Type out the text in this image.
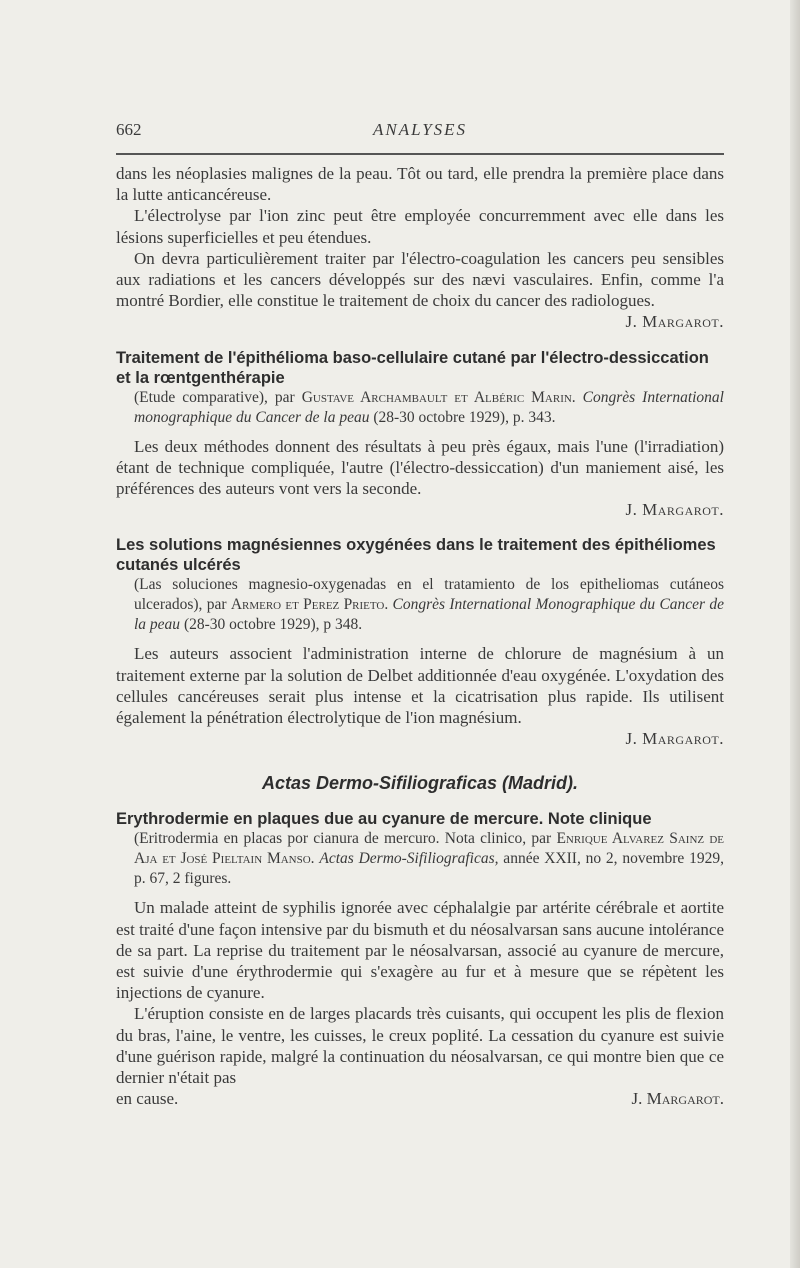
ANALYSES
662

dans les néoplasies malignes de la peau. Tôt ou tard, elle prendra la première place dans la lutte anticancéreuse.

L'électrolyse par l'ion zinc peut être employée concurremment avec elle dans les lésions superficielles et peu étendues.

On devra particulièrement traiter par l'électro-coagulation les cancers peu sensibles aux radiations et les cancers développés sur des nævi vasculaires. Enfin, comme l'a montré Bordier, elle constitue le traitement de choix du cancer des radiologues.

J. Margarot.

Traitement de l'épithélioma baso-cellulaire cutané par l'électro-dessiccation et la rœntgenthérapie
(Etude comparative), par Gustave Archambault et Albéric Marin. Congrès International monographique du Cancer de la peau (28-30 octobre 1929), p. 343.

Les deux méthodes donnent des résultats à peu près égaux, mais l'une (l'irradiation) étant de technique compliquée, l'autre (l'électro-dessiccation) d'un maniement aisé, les préférences des auteurs vont vers la seconde.

J. Margarot.

Les solutions magnésiennes oxygénées dans le traitement des épithéliomes cutanés ulcérés
(Las soluciones magnesio-oxygenadas en el tratamiento de los epitheliomas cutáneos ulcerados), par Armero et Perez Prieto. Congrès International Monographique du Cancer de la peau (28-30 octobre 1929), p 348.

Les auteurs associent l'administration interne de chlorure de magnésium à un traitement externe par la solution de Delbet additionnée d'eau oxygénée. L'oxydation des cellules cancéreuses serait plus intense et la cicatrisation plus rapide. Ils utilisent également la pénétration électrolytique de l'ion magnésium.

J. Margarot.

Actas Dermo-Sifiliograficas (Madrid).
Erythrodermie en plaques due au cyanure de mercure. Note clinique
(Eritrodermia en placas por cianura de mercuro. Nota clinico, par Enrique Alvarez Sainz de Aja et José Pieltain Manso. Actas Dermo-Sifiliograficas, année XXII, no 2, novembre 1929, p. 67, 2 figures.

Un malade atteint de syphilis ignorée avec céphalalgie par artérite cérébrale et aortite est traité d'une façon intensive par du bismuth et du néosalvarsan sans aucune intolérance de sa part. La reprise du traitement par le néosalvarsan, associé au cyanure de mercure, est suivie d'une érythrodermie qui s'exagère au fur et à mesure que se répètent les injections de cyanure.

L'éruption consiste en de larges placards très cuisants, qui occupent les plis de flexion du bras, l'aine, le ventre, les cuisses, le creux poplité. La cessation du cyanure est suivie d'une guérison rapide, malgré la continuation du néosalvarsan, ce qui montre bien que ce dernier n'était pas

en cause.	J. Margarot.
